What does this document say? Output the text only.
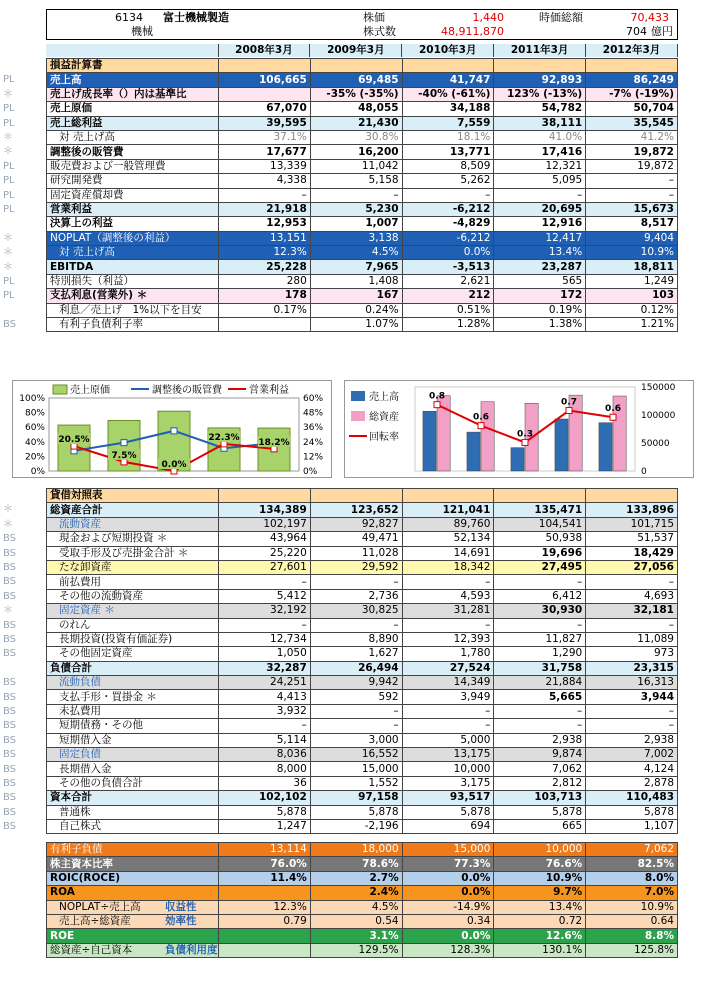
6134 富士機械製造
機械
株価	1,440	時価総額	70,433
株式数	48,911,870	704 億円
	2008年3月	2009年3月	2010年3月	2011年3月	2012年3月
PL
＊
PL
PL
＊
＊
PL
PL
PL
PL
＊
＊
＊
PL
PL
BS
損益計算書					
売上高	106,665	69,485	41,747	92,893	86,249
売上げ成長率（）内は基準比		-35% (-35%)	-40% (-61%)	123% (-13%)	-7% (-19%)
売上原価	67,070	48,055	34,188	54,782	50,704
売上総利益	39,595	21,430	7,559	38,111	35,545
対 売上げ高	37.1%	30.8%	18.1%	41.0%	41.2%
調整後の販管費	17,677	16,200	13,771	17,416	19,872
販売費および一般管理費	13,339	11,042	8,509	12,321	19,872
研究開発費	4,338	5,158	5,262	5,095	–
固定資産償却費	–	–	–	–	–
営業利益	21,918	5,230	-6,212	20,695	15,673
決算上の利益	12,953	1,007	-4,829	12,916	8,517
NOPLAT（調整後の利益）	13,151	3,138	-6,212	12,417	9,404
対 売上げ高	12.3%	4.5%	0.0%	13.4%	10.9%
EBITDA	25,228	7,965	-3,513	23,287	18,811
特別損失（利益）	280	1,408	2,621	565	1,249
支払利息(営業外) ＊	178	167	212	172	103
利息／売上げ　1%以下を目安	0.17%	0.24%	0.51%	0.19%	0.12%
有利子負債利子率		1.07%	1.28%	1.38%	1.21%
100%	60%
80%	48%
60%	36%
40%	24%
20%	12%
0%	0%
20.5%
7.5%
0.0%
22.3% 18.2%
売上原価	調整後の販管費	営業利益	150000
100000
50000
0
0.8
0.6
0.3
0.7
0.6
売上高
総資産
回転率
＊
＊
BS
BS
BS
BS
BS
＊
BS
BS
BS
BS
BS
BS
BS
BS
BS
BS
BS
BS
BS
BS
貸借対照表					
総資産合計	134,389	123,652	121,041	135,471	133,896
流動資産	102,197	92,827	89,760	104,541	101,715
現金および短期投資 ＊	43,964	49,471	52,134	50,938	51,537
受取手形及び売掛金合計 ＊	25,220	11,028	14,691	19,696	18,429
たな卸資産	27,601	29,592	18,342	27,495	27,056
前払費用	–	–	–	–	–
その他の流動資産	5,412	2,736	4,593	6,412	4,693
固定資産 ＊	32,192	30,825	31,281	30,930	32,181
のれん	–	–	–	–	–
長期投資(投資有価証券)	12,734	8,890	12,393	11,827	11,089
その他固定資産	1,050	1,627	1,780	1,290	973
負債合計	32,287	26,494	27,524	31,758	23,315
流動負債	24,251	9,942	14,349	21,884	16,313
支払手形・買掛金 ＊	4,413	592	3,949	5,665	3,944
未払費用	3,932	–	–	–	–
短期債務・その他	–	–	–	–	–
短期借入金	5,114	3,000	5,000	2,938	2,938
固定負債	8,036	16,552	13,175	9,874	7,002
長期借入金	8,000	15,000	10,000	7,062	4,124
その他の負債合計	36	1,552	3,175	2,812	2,878
資本合計	102,102	97,158	93,517	103,713	110,483
普通株	5,878	5,878	5,878	5,878	5,878
自己株式	1,247	-2,196	694	665	1,107
有利子負債	13,114	18,000	15,000	10,000	7,062
株主資本比率	76.0%	78.6%	77.3%	76.6%	82.5%
ROIC(ROCE)	11.4%	2.7%	0.0%	10.9%	8.0%
ROA		2.4%	0.0%	9.7%	7.0%
NOPLAT÷売上高 収益性	12.3%	4.5%	-14.9%	13.4%	10.9%
売上高÷総資産 効率性	0.79	0.54	0.34	0.72	0.64
ROE		3.1%	0.0%	12.6%	8.8%
総資産÷自己資本 負債利用度		129.5%	128.3%	130.1%	125.8%
